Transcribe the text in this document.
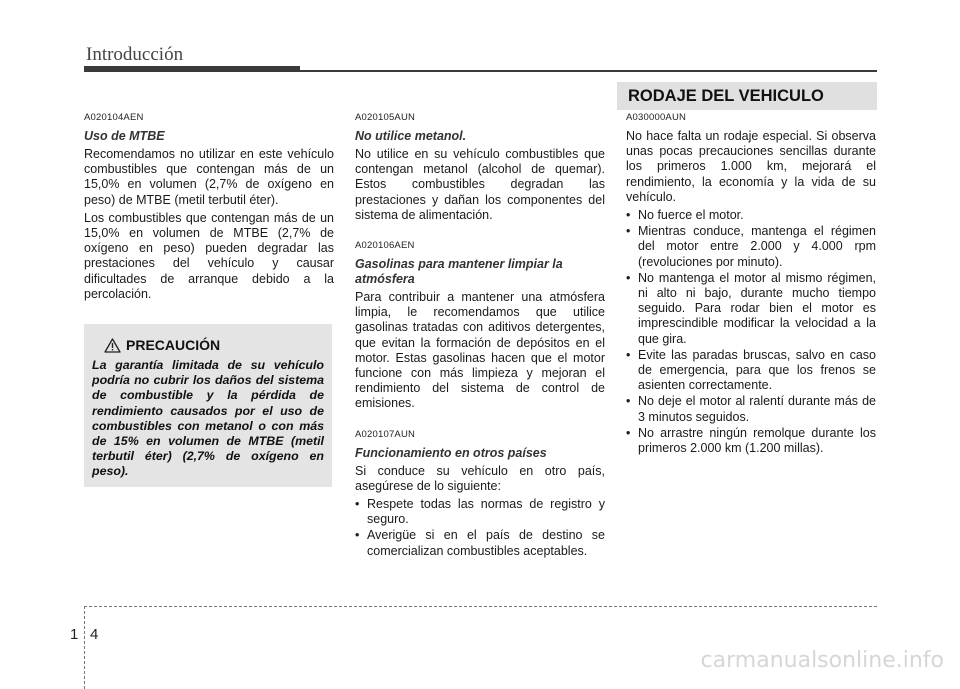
Introducción
RODAJE DEL VEHICULO
A020104AEN
Uso de MTBE

Recomendamos no utilizar en este vehículo combustibles que contengan más de un 15,0% en volumen (2,7% de oxígeno en peso) de MTBE (metil terbutil éter).

Los combustibles que contengan más de un 15,0% en volumen de MTBE (2,7% de oxígeno en peso) pueden degradar las prestaciones del vehículo y causar dificultades de arranque debido a la percolación.

PRECAUCIÓN

La garantía limitada de su vehículo podría no cubrir los daños del sistema de combustible y la pérdida de rendimiento causados por el uso de combustibles con metanol o con más de 15% en volumen de MTBE (metil terbutil éter) (2,7% de oxígeno en peso).

A020105AUN
No utilice metanol.

No utilice en su vehículo combustibles que contengan metanol (alcohol de quemar). Estos combustibles degradan las prestaciones y dañan los componentes del sistema de alimentación.

A020106AEN
Gasolinas para mantener limpiar la atmósfera

Para contribuir a mantener una atmósfera limpia, le recomendamos que utilice gasolinas tratadas con aditivos detergentes, que evitan la formación de depósitos en el motor. Estas gasolinas hacen que el motor funcione con más limpieza y mejoran el rendimiento del sistema de control de emisiones.

A020107AUN
Funcionamiento en otros países

Si conduce su vehículo en otro país, asegúrese de lo siguiente:

• Respete todas las normas de registro y seguro.
• Averigüe si en el país de destino se comercializan combustibles aceptables.
A030000AUN

No hace falta un rodaje especial. Si observa unas pocas precauciones sencillas durante los primeros 1.000 km, mejorará el rendimiento, la economía y la vida de su vehículo.

• No fuerce el motor.
• Mientras conduce, mantenga el régimen del motor entre 2.000 y 4.000 rpm (revoluciones por minuto).
• No mantenga el motor al mismo régimen, ni alto ni bajo, durante mucho tiempo seguido. Para rodar bien el motor es imprescindible modificar la velocidad a la que gira.
• Evite las paradas bruscas, salvo en caso de emergencia, para que los frenos se asienten correctamente.
• No deje el motor al ralentí durante más de 3 minutos seguidos.
• No arrastre ningún remolque durante los primeros 2.000 km (1.200 millas).
1 4
carmanualsonline.info
